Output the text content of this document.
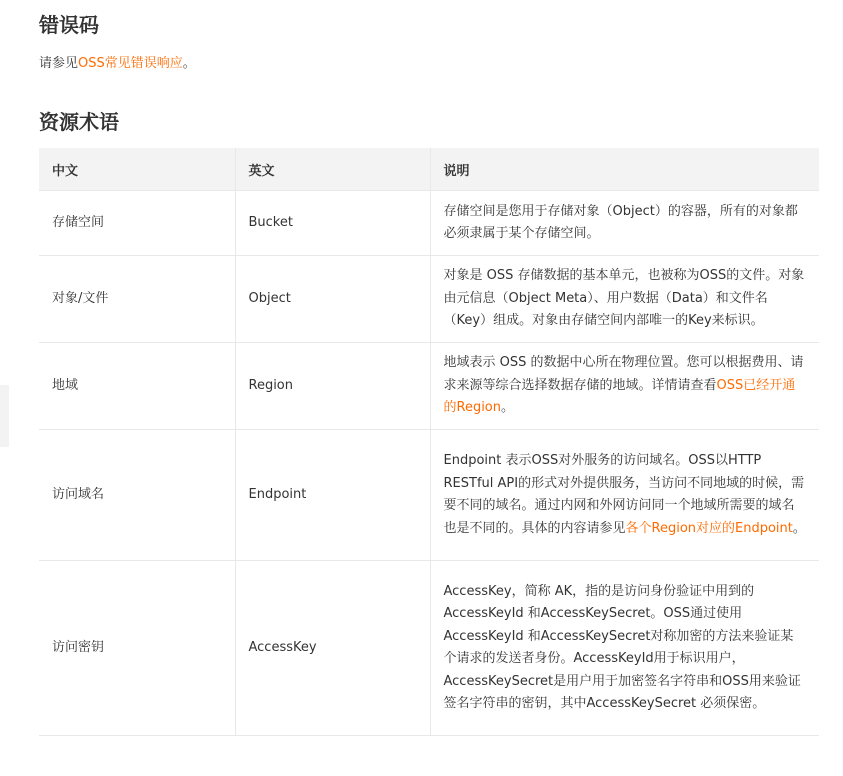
错误码

请参见OSS常见错误响应。

资源术语
中文	英文	说明
存储空间	Bucket	存储空间是您用于存储对象（Object）的容器，所有的对象都必须隶属于某个存储空间。
对象/文件	Object	对象是 OSS 存储数据的基本单元，也被称为OSS的文件。对象由元信息（Object Meta）、用户数据（Data）和文件名（Key）组成。对象由存储空间内部唯一的Key来标识。
地域	Region	地域表示 OSS 的数据中心所在物理位置。您可以根据费用、请求来源等综合选择数据存储的地域。详情请查看OSS已经开通的Region。
访问域名	Endpoint	Endpoint 表示OSS对外服务的访问域名。OSS以HTTP RESTful API的形式对外提供服务，当访问不同地域的时候，需要不同的域名。通过内网和外网访问同一个地域所需要的域名也是不同的。具体的内容请参见各个Region对应的Endpoint。
访问密钥	AccessKey	AccessKey，简称 AK，指的是访问身份验证中用到的AccessKeyId 和AccessKeySecret。OSS通过使用AccessKeyId 和AccessKeySecret对称加密的方法来验证某个请求的发送者身份。AccessKeyId用于标识用户，AccessKeySecret是用户用于加密签名字符串和OSS用来验证签名字符串的密钥，其中AccessKeySecret 必须保密。
